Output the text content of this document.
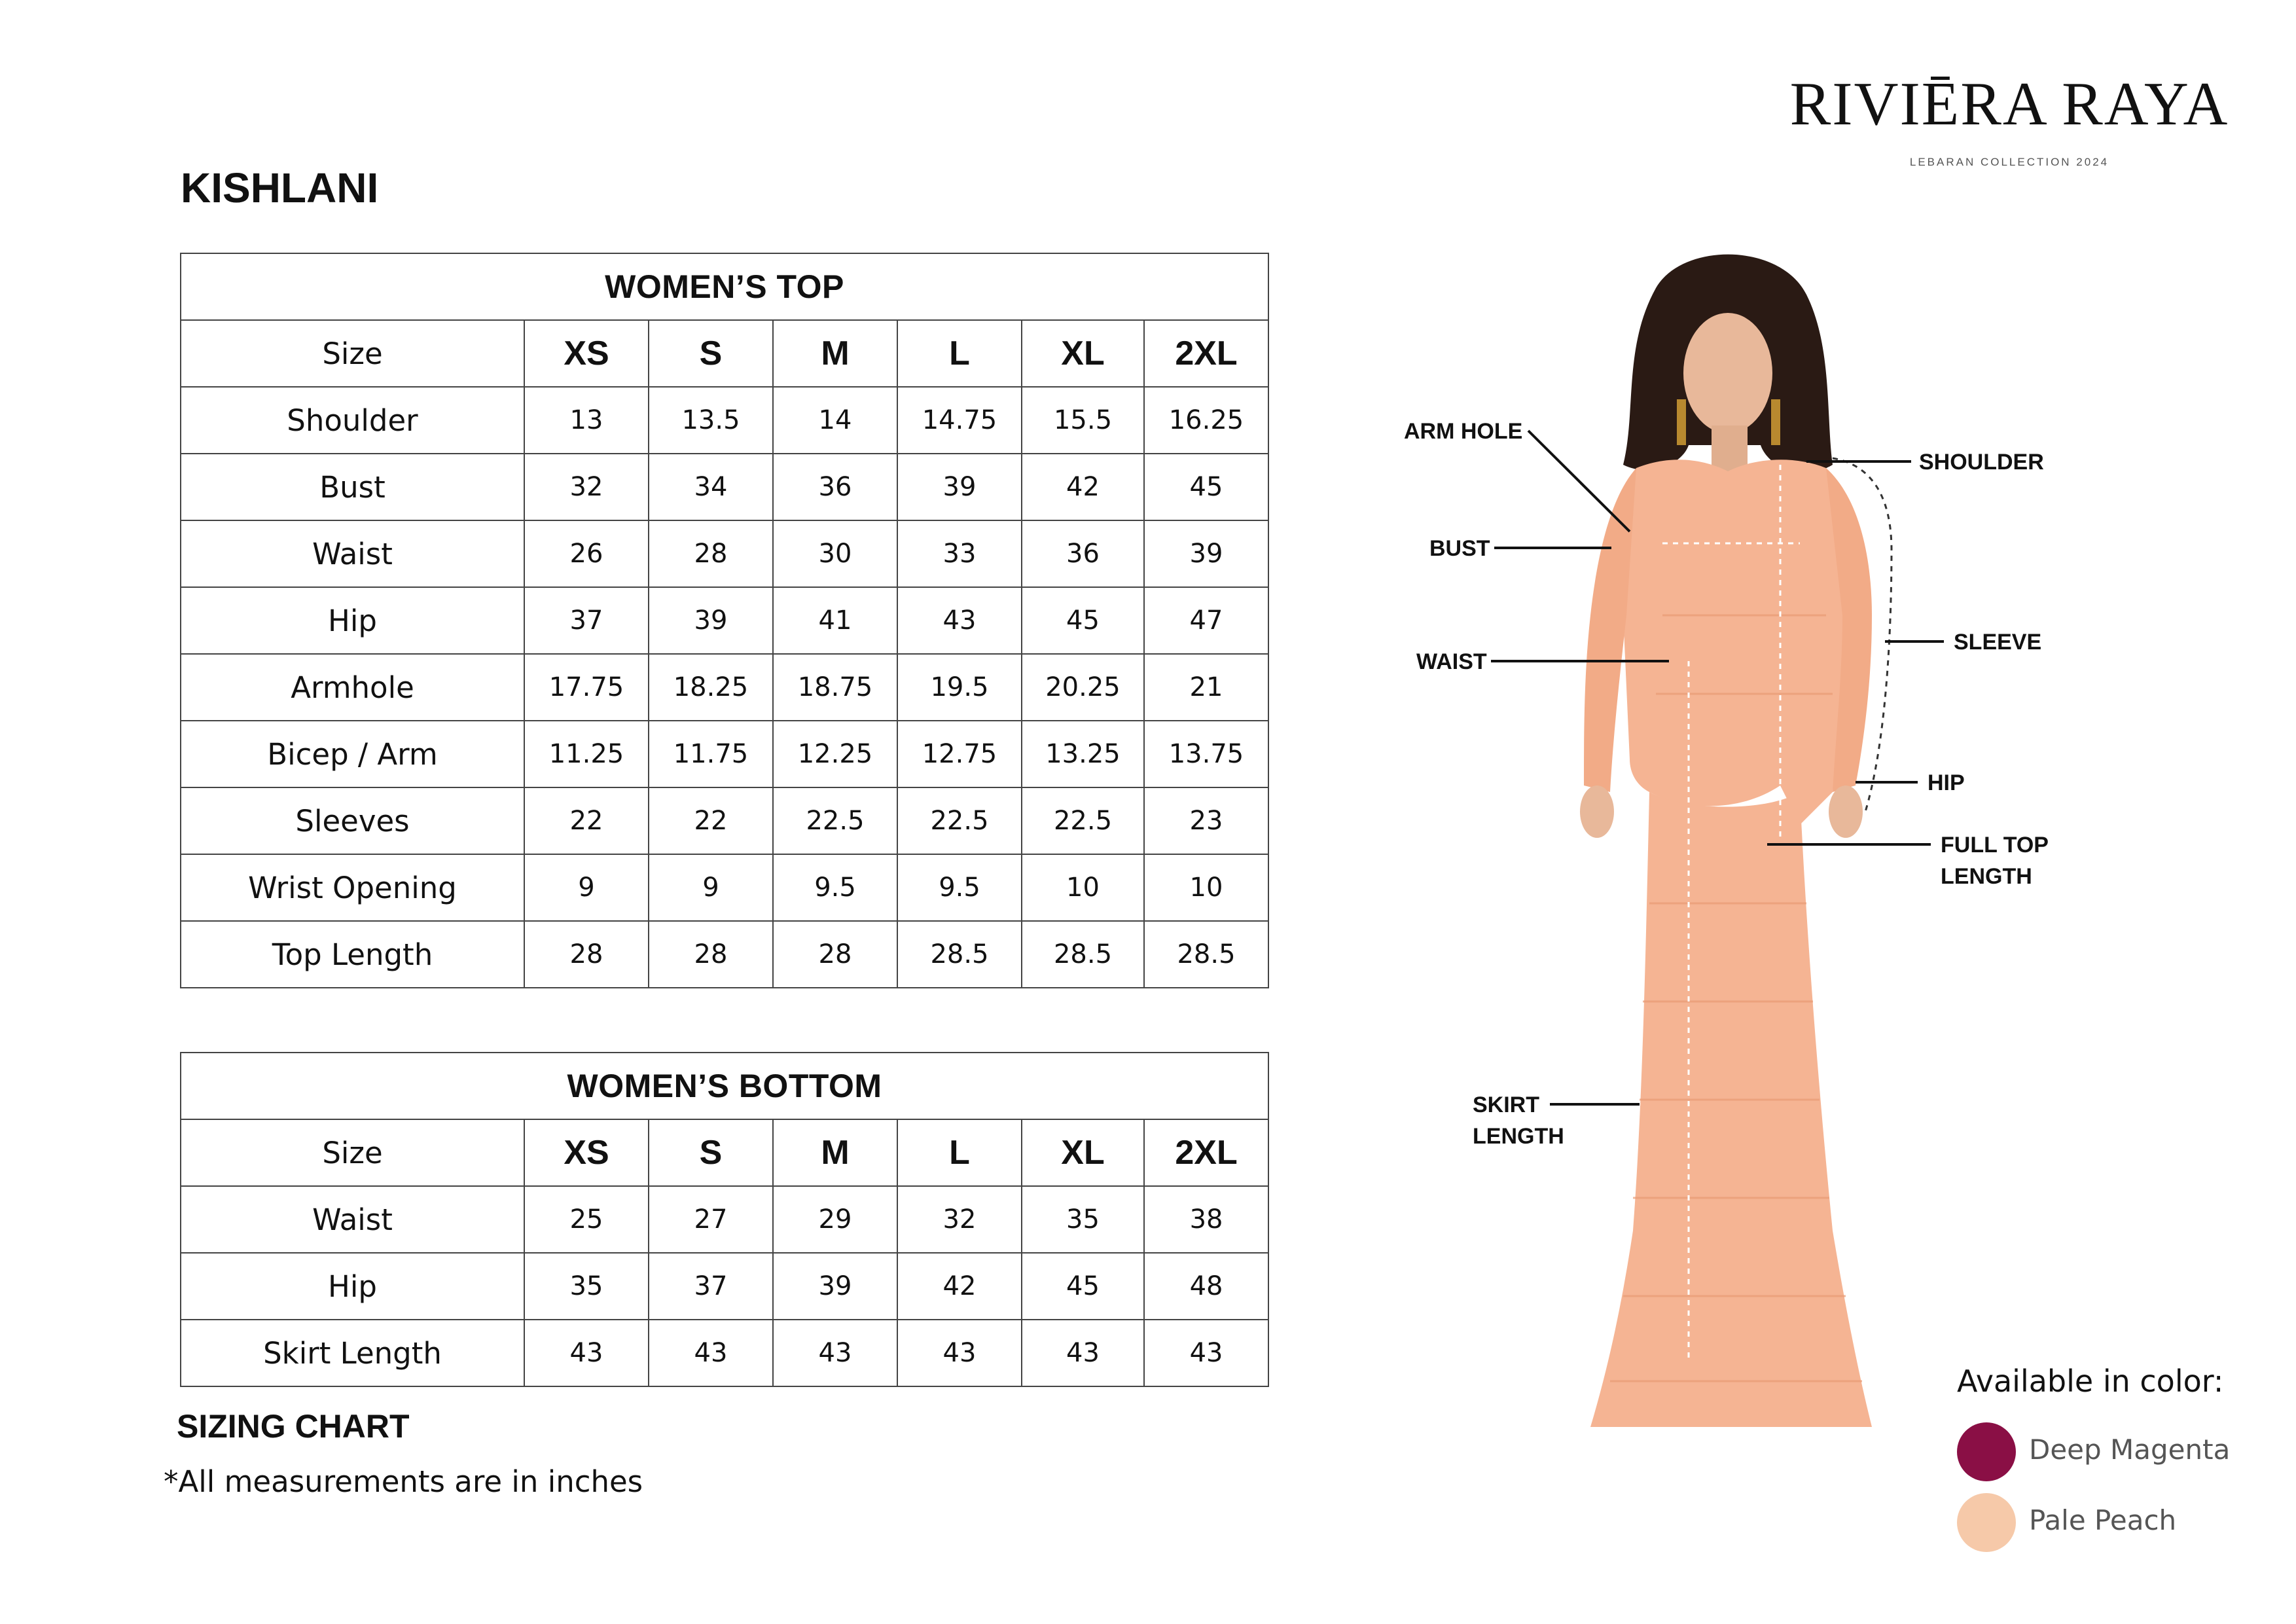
RIVIĒRA RAYA
LEBARAN COLLECTION 2024
KISHLANI
WOMEN’S TOP						
Size	XS	S	M	L	XL	2XL
Shoulder	13	13.5	14	14.75	15.5	16.25
Bust	32	34	36	39	42	45
Waist	26	28	30	33	36	39
Hip	37	39	41	43	45	47
Armhole	17.75	18.25	18.75	19.5	20.25	21
Bicep / Arm	11.25	11.75	12.25	12.75	13.25	13.75
Sleeves	22	22	22.5	22.5	22.5	23
Wrist Opening	9	9	9.5	9.5	10	10
Top Length	28	28	28	28.5	28.5	28.5
WOMEN’S BOTTOM						
Size	XS	S	M	L	XL	2XL
Waist	25	27	29	32	35	38
Hip	35	37	39	42	45	48
Skirt Length	43	43	43	43	43	43
SIZING CHART
*All measurements are in inches
ARM HOLE
BUST
WAIST
SHOULDER
SLEEVE
HIP
FULL TOP
LENGTH
SKIRT
LENGTH
Available in color:
Deep Magenta
Pale Peach
